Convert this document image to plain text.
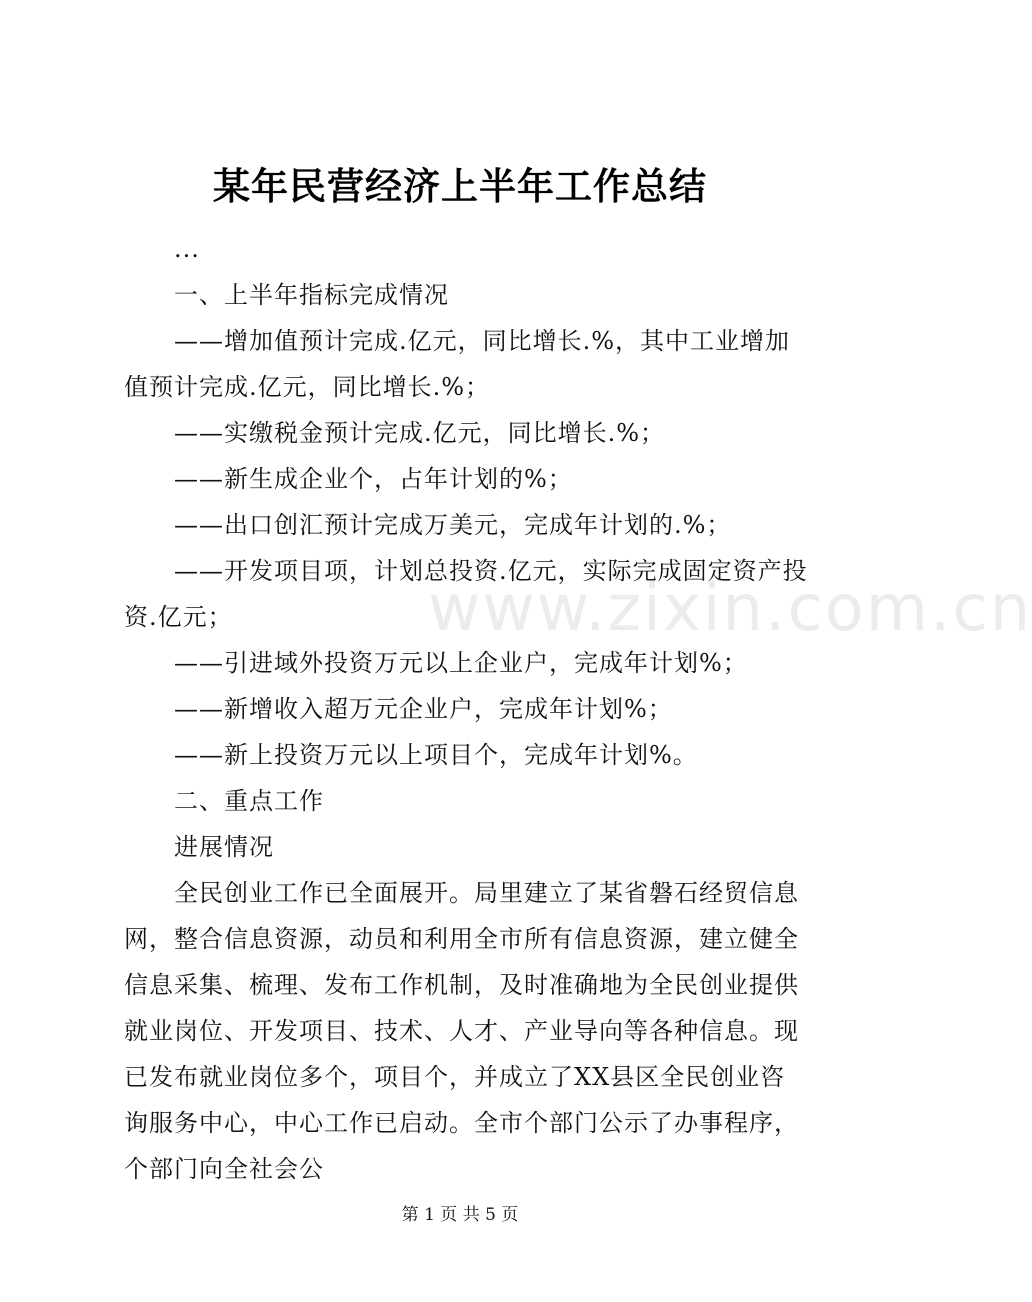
某年民营经济上半年工作总结

...

一、上半年指标完成情况

——增加值预计完成.亿元，同比增长.%，其中工业增加值预计完成.亿元，同比增长.%；

——实缴税金预计完成.亿元，同比增长.%；

——新生成企业个，占年计划的%；

——出口创汇预计完成万美元，完成年计划的.%；

——开发项目项，计划总投资.亿元，实际完成固定资产投资.亿元；

——引进域外投资万元以上企业户，完成年计划%；

——新增收入超万元企业户，完成年计划%；

——新上投资万元以上项目个，完成年计划%。

二、重点工作

进展情况

全民创业工作已全面展开。局里建立了某省磐石经贸信息网，整合信息资源，动员和利用全市所有信息资源，建立健全信息采集、梳理、发布工作机制，及时准确地为全民创业提供就业岗位、开发项目、技术、人才、产业导向等各种信息。现已发布就业岗位多个，项目个，并成立了XX县区全民创业咨询服务中心，中心工作已启动。全市个部门公示了办事程序，个部门向全社会公

www.zixin.com.cn
第 1 页 共 5 页
